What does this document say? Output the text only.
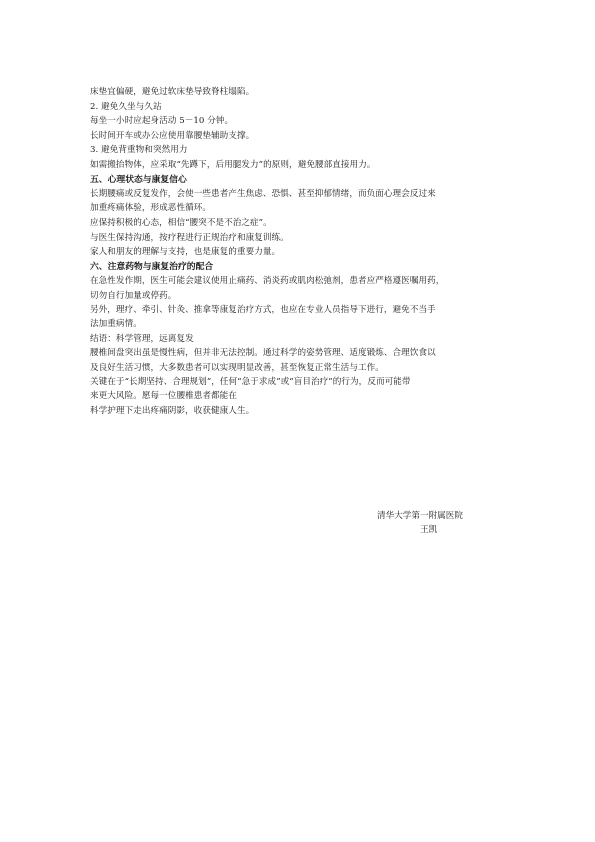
床垫宜偏硬，避免过软床垫导致脊柱塌陷。

2. 避免久坐与久站

每坐一小时应起身活动 5－10 分钟。

长时间开车或办公应使用靠腰垫辅助支撑。

3. 避免背重物和突然用力

如需搬抬物体，应采取“先蹲下，后用腿发力”的原则，避免腰部直接用力。

五、心理状态与康复信心

长期腰痛或反复发作，会使一些患者产生焦虑、恐惧、甚至抑郁情绪，而负面心理会反过来

加重疼痛体验，形成恶性循环。

应保持积极的心态，相信“腰突不是不治之症”。

与医生保持沟通，按疗程进行正规治疗和康复训练。

家人和朋友的理解与支持，也是康复的重要力量。

六、注意药物与康复治疗的配合

在急性发作期，医生可能会建议使用止痛药、消炎药或肌肉松弛剂，患者应严格遵医嘱用药，

切勿自行加量或停药。

另外，理疗、牵引、针灸、推拿等康复治疗方式，也应在专业人员指导下进行，避免不当手

法加重病情。

结语：科学管理，远离复发

腰椎间盘突出虽是慢性病，但并非无法控制。通过科学的姿势管理、适度锻炼、合理饮食以

及良好生活习惯，大多数患者可以实现明显改善，甚至恢复正常生活与工作。

关键在于“长期坚持、合理规划”，任何“急于求成”或“盲目治疗”的行为，反而可能带

来更大风险。愿每一位腰椎患者都能在

科学护理下走出疼痛阴影，收获健康人生。

清华大学第一附属医院

王凯
